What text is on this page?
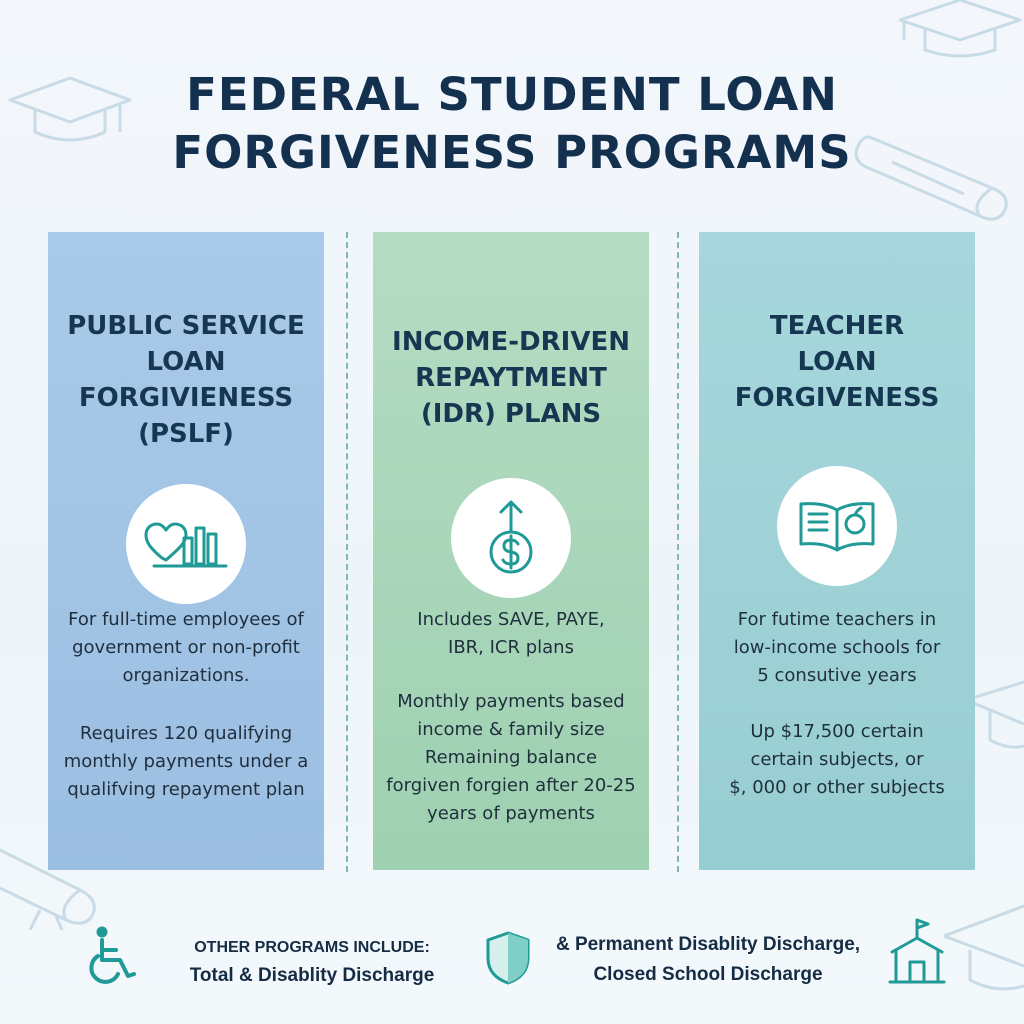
FEDERAL STUDENT LOAN
FORGIVENESS PROGRAMS
PUBLIC SERVICE
LOAN
FORGIVIENESS
(PSLF)

For full-time employees of
government or non-profit
organizations.

Requires 120 qualifying
monthly payments under a
qualifving repayment plan

INCOME-DRIVEN
REPAYTMENT
(IDR) PLANS

Includes SAVE, PAYE,
IBR, ICR plans

Monthly payments based
income & family size
Remaining balance
forgiven forgien after 20-25
years of payments

TEACHER
LOAN
FORGIVENESS

For futime teachers in
low-income schools for
5 consutive years

Up $17,500 certain
certain subjects, or
$, 000 or other subjects

OTHER PROGRAMS INCLUDE:
Total & Disablity Discharge

& Permanent Disablity Discharge,
Closed School Discharge
